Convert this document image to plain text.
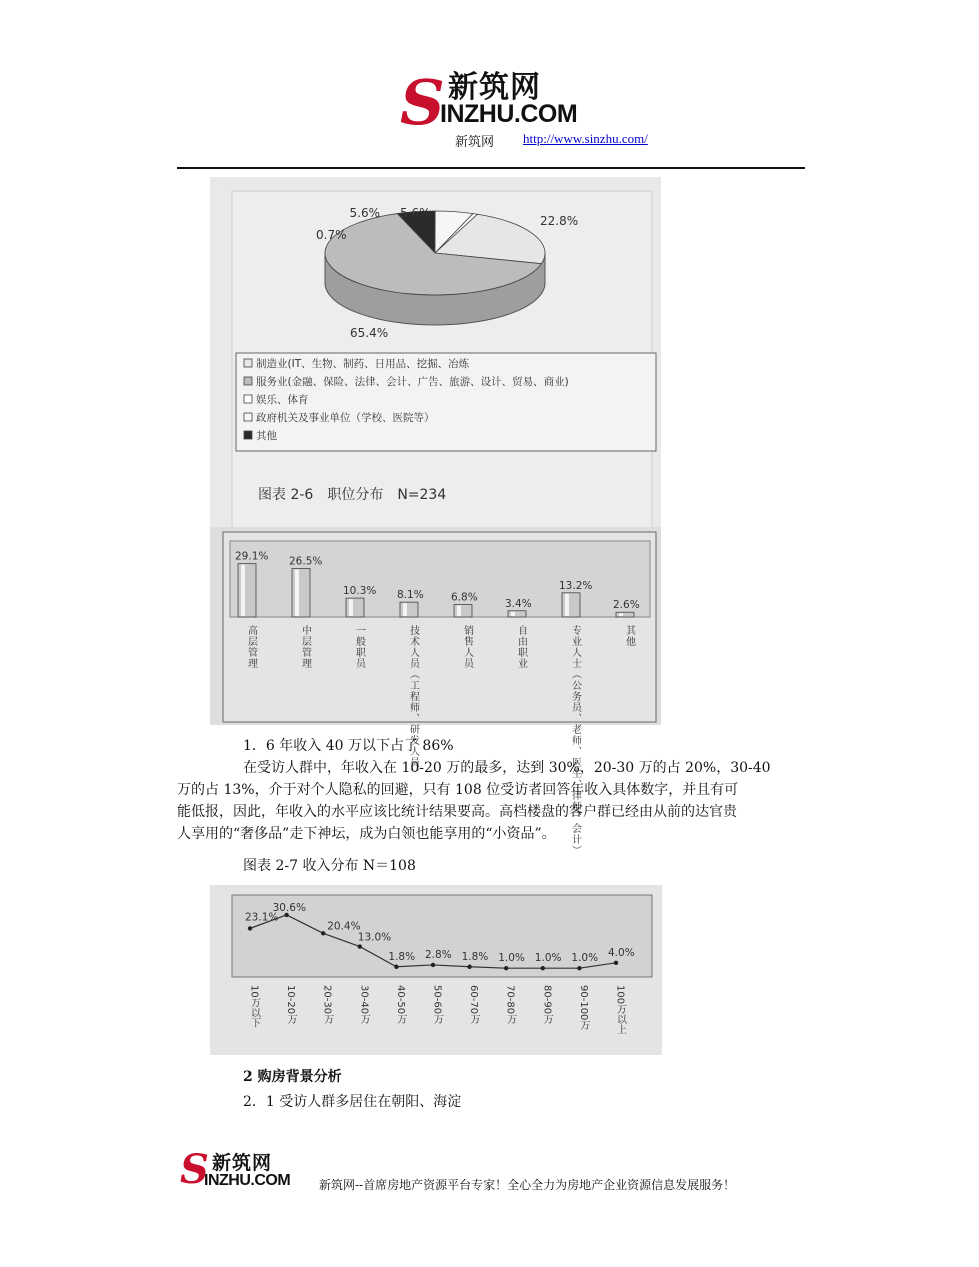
S 新筑网
INZHU.COM
新筑网 http://www.sinzhu.com/
22.8%
65.4%
0.7%
5.6% 5.6%
制造业(IT、生物、制药、日用品、挖掘、冶炼
服务业(金融、保险、法律、会计、广告、旅游、设计、贸易、商业)
娱乐、体育
政府机关及事业单位（学校、医院等）
其他
图表 2-6　职位分布　N=234
29.1%
高层管理
26.5%
中层管理
10.3%
一般职员
8.1%
技术人员（工程师、研发人员）
6.8%
销售人员
3.4%
自由职业
13.2%
专业人士（公务员、老师、医生、律师、会计）
2.6%
其他
1．6 年收入 40 万以下占了 86%
在受访人群中，年收入在 10-20 万的最多，达到 30%，20-30 万的占 20%，30-40
万的占 13%，介于对个人隐私的回避，只有 108 位受访者回答年收入具体数字，并且有可
能低报，因此，年收入的水平应该比统计结果要高。高档楼盘的客户群已经由从前的达官贵
人享用的“奢侈品”走下神坛，成为白领也能享用的“小资品”。
图表 2-7 收入分布 N＝108
23.1%
10万以下
30.6%
10-20万
20.4%
20-30万
13.0%
30-40万
1.8%
40-50万
2.8%
50-60万
1.8%
60-70万
1.0%
70-80万
1.0%
80-90万
1.0%
90-100万
4.0%
100万以上
2 购房背景分析
2．1 受访人群多居住在朝阳、海淀
S 新筑网
INZHU.COM 新筑网--首席房地产资源平台专家！全心全力为房地产企业资源信息发展服务！
